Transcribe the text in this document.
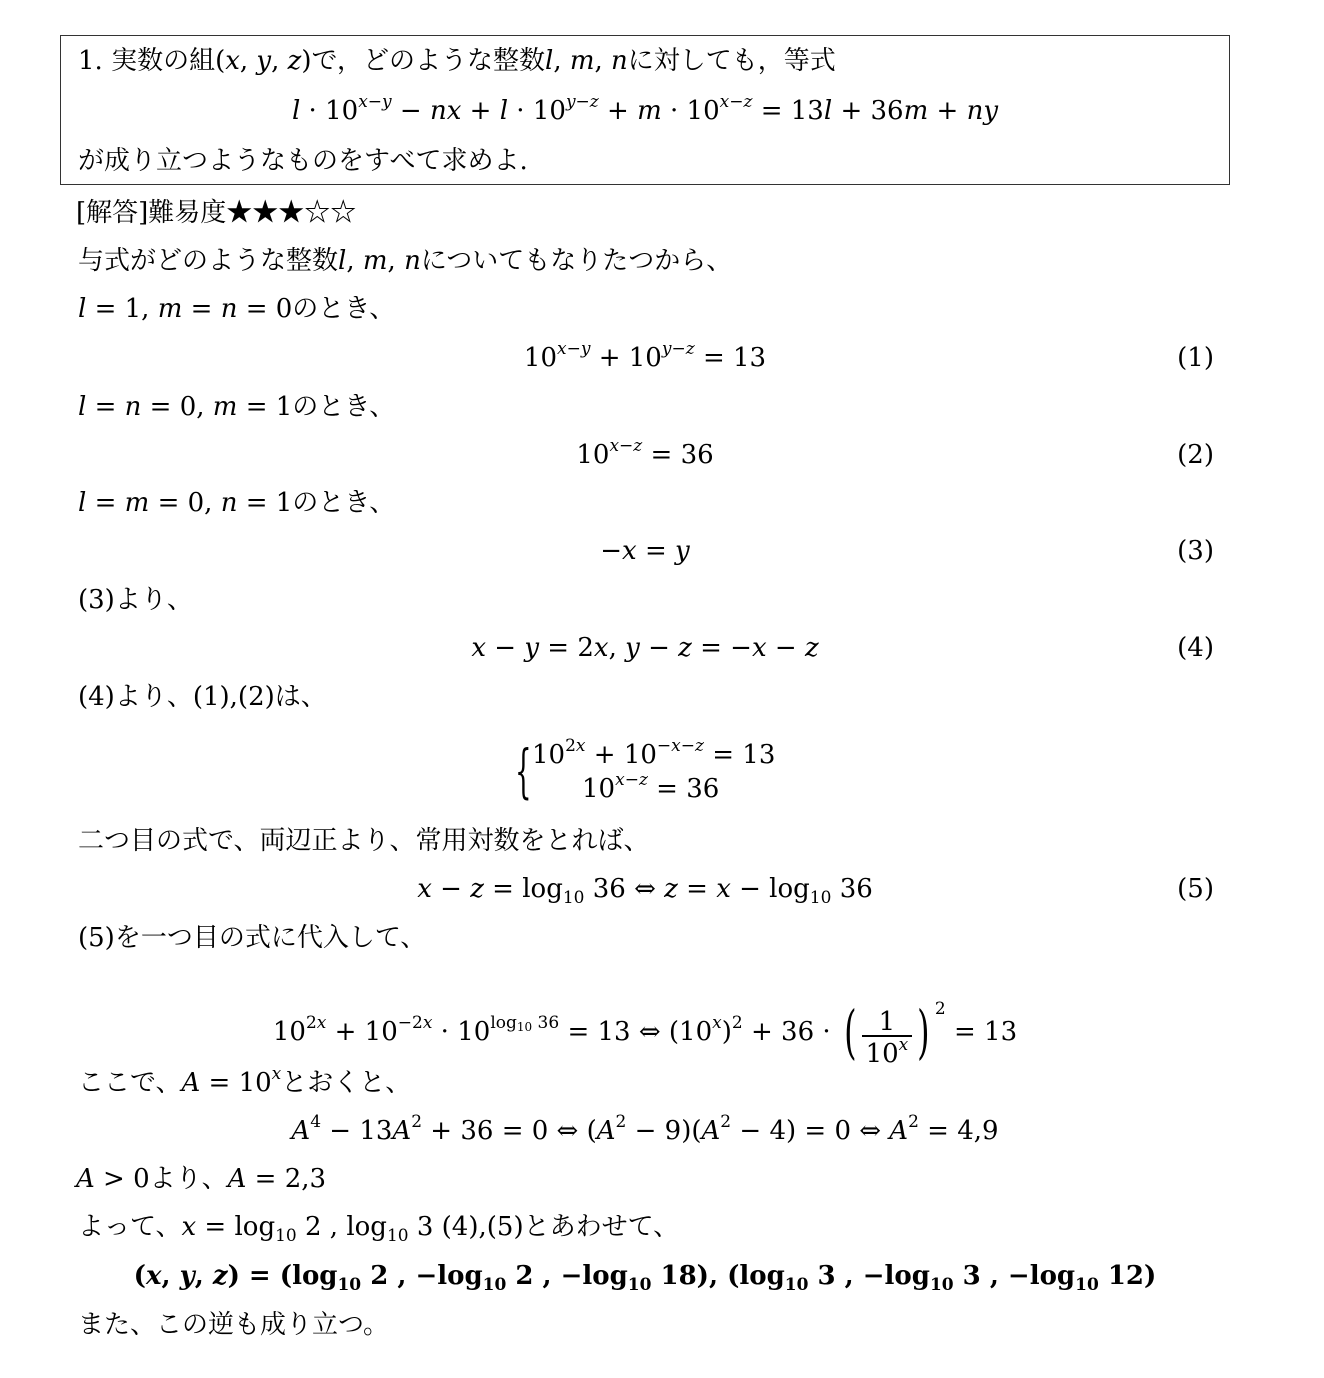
1. 実数の組(x, y, z)で，どのような整数l, m, nに対しても，等式
$l \cdot 10^{x-y}$ − nx + $l \cdot 10^{y-z} + m \cdot 10^{x-z} = 13l + 36m$ + ny
が成り立つようなものをすべて求めよ.
[解答]難易度★★★☆☆
与式がどのような整数l, m, nについてもなりたつから、
l = 1, m = n = 0のとき、
$10^{x-y} + 10^{y-z} = 13$	(1)
l = n = 0, m = 1のとき、
$10^{x-z} = 36$	(2)
l = m = 0, n = 1のとき、
−x = y	(3)
(3)より、
x − y = 2x, y − z = −x − z	(4)
(4)より、(1),(2)は、
{ $10^{2x} + 10^{-x-z} = 13$
$10^{x-z} = 36$
二つ目の式で、両辺正より、常用対数をとれば、
$x - z = \log_{10} 36$ ⇔ $z = x - \log_{10} 36$	(5)
(5)を一つ目の式に代入して、
$10^{2x} + 10^{-2x} \cdot 10^{log_{10} 36} = 13$ ⇔ $(10^x)^2 + 36$ · ( $\frac{1}{10^x}$ ) $^2$ = 13
ここで、$A = 10^x$とおくと、
$A^4 - 13A^2 + 36 = 0$ ⇔ $(A^2 - 9)(A^2 - 4) = 0$ ⇔ $A^2 = 4,9$
A > 0より、A = 2,3
よって、$x = \log_{10} 2$ , $\log_{10} 3$ (4),(5)とあわせて、
(x, y, $z) = (\log_{10}$ 2 , $-\log_{10}$ 2 , $-\log_{10}$ 18), ($\log_{10}$ 3 , $-\log_{10}$ 3 , $-\log_{10}$ 12)
また、この逆も成り立つ。
